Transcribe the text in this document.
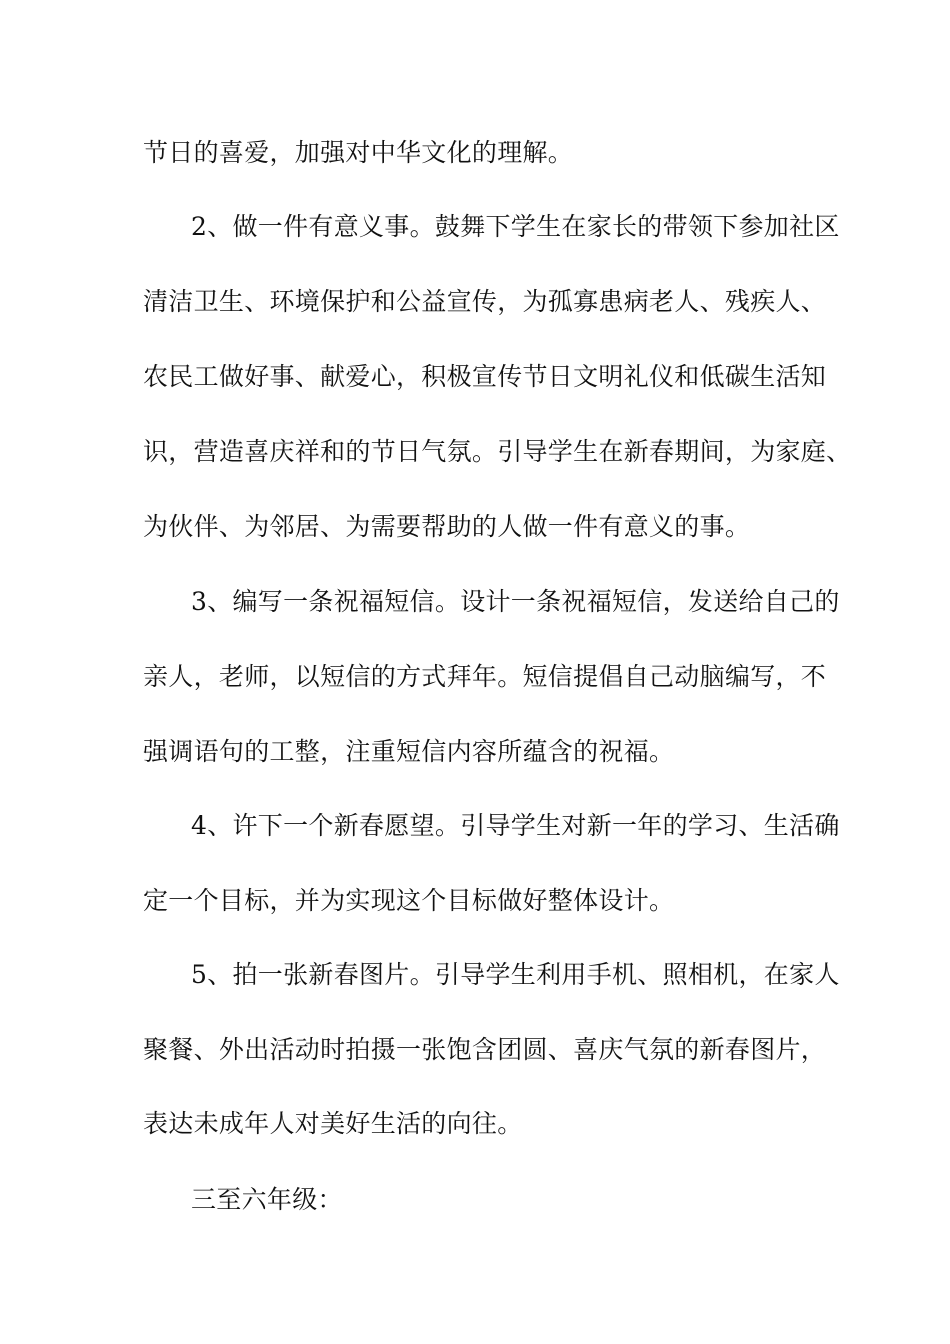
节日的喜爱，加强对中华文化的理解。
2、做一件有意义事。鼓舞下学生在家长的带领下参加社区
清洁卫生、环境保护和公益宣传，为孤寡患病老人、残疾人、
农民工做好事、献爱心，积极宣传节日文明礼仪和低碳生活知
识，营造喜庆祥和的节日气氛。引导学生在新春期间，为家庭、
为伙伴、为邻居、为需要帮助的人做一件有意义的事。
3、编写一条祝福短信。设计一条祝福短信，发送给自己的
亲人，老师，以短信的方式拜年。短信提倡自己动脑编写，不
强调语句的工整，注重短信内容所蕴含的祝福。
4、许下一个新春愿望。引导学生对新一年的学习、生活确
定一个目标，并为实现这个目标做好整体设计。
5、拍一张新春图片。引导学生利用手机、照相机，在家人
聚餐、外出活动时拍摄一张饱含团圆、喜庆气氛的新春图片，
表达未成年人对美好生活的向往。
三至六年级：
